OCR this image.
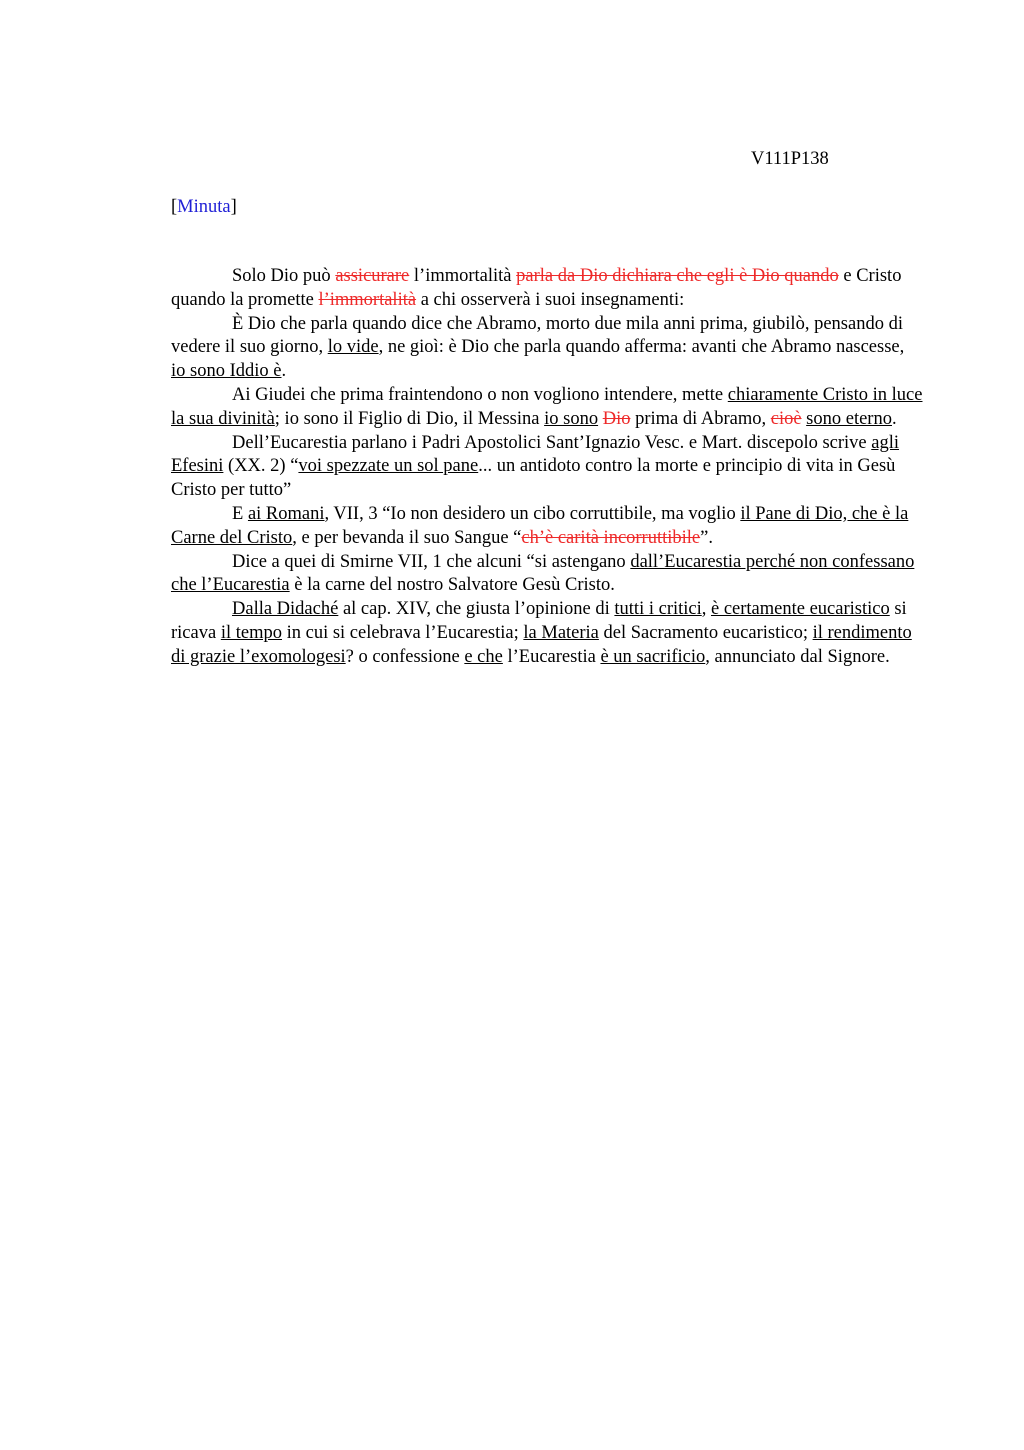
V111P138
[Minuta]

Solo Dio può assicurare l’immortalità parla da Dio dichiara che egli è Dio quando e Cristo quando la promette l’immortalità a chi osserverà i suoi insegnamenti:

È Dio che parla quando dice che Abramo, morto due mila anni prima, giubilò, pensando di vedere il suo giorno, lo vide, ne gioì: è Dio che parla quando afferma: avanti che Abramo nascesse, io sono Iddio è.

Ai Giudei che prima fraintendono o non vogliono intendere, mette chiaramente Cristo in luce la sua divinità; io sono il Figlio di Dio, il Messina io sono Dio prima di Abramo, cioè sono eterno.

Dell’Eucarestia parlano i Padri Apostolici Sant’Ignazio Vesc. e Mart. discepolo scrive agli Efesini (XX. 2) “voi spezzate un sol pane... un antidoto contro la morte e principio di vita in Gesù Cristo per tutto”

E ai Romani, VII, 3 “Io non desidero un cibo corruttibile, ma voglio il Pane di Dio, che è la Carne del Cristo, e per bevanda il suo Sangue “ch’è carità incorruttibile”.

Dice a quei di Smirne VII, 1 che alcuni “si astengano dall’Eucarestia perché non confessano che l’Eucarestia è la carne del nostro Salvatore Gesù Cristo.

Dalla Didaché al cap. XIV, che giusta l’opinione di tutti i critici, è certamente eucaristico si ricava il tempo in cui si celebrava l’Eucarestia; la Materia del Sacramento eucaristico; il rendimento di grazie l’exomologesi? o confessione e che l’Eucarestia è un sacrificio, annunciato dal Signore.
